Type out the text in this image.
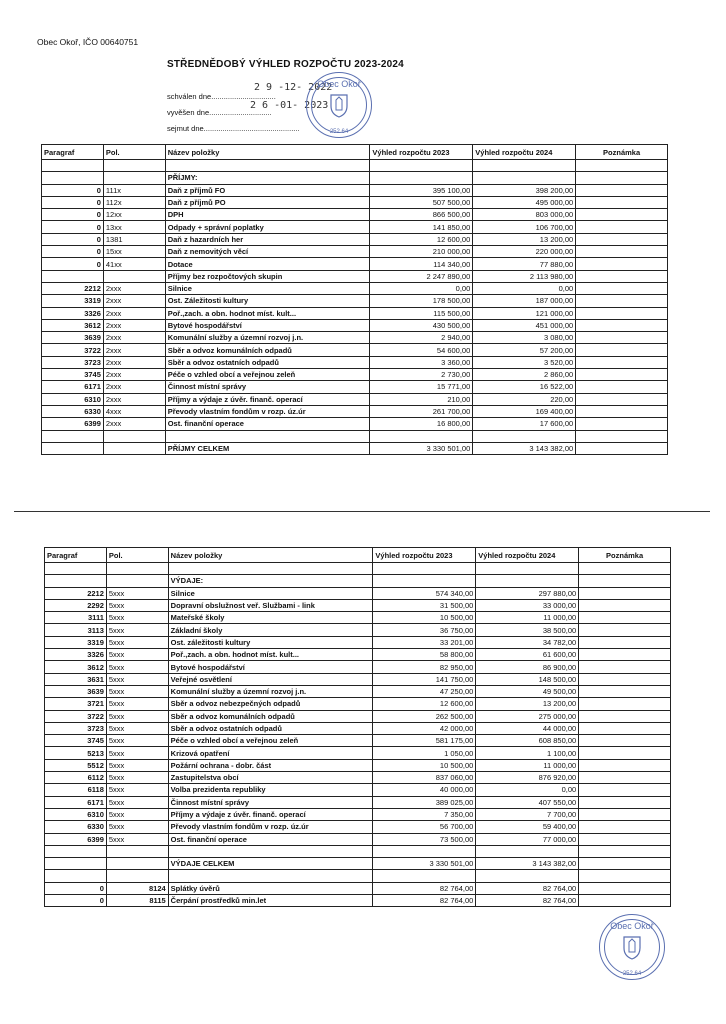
Obec Okoř, IČO 00640751
STŘEDNĚDOBÝ VÝHLED ROZPOČTU 2023-2024
schválen dne...............................
2 9 -12- 2022
vyvěšen dne..............................
2 6 -01- 2023
sejmut dne..............................................
Obec Okoř
252 64
Paragraf	Pol.	Název položky	Výhled rozpočtu 2023	Výhled rozpočtu 2024	Poznámka

		PŘÍJMY:			
0	111x	Daň z příjmů FO	395 100,00	398 200,00	
0	112x	Daň z příjmů PO	507 500,00	495 000,00	
0	12xx	DPH	866 500,00	803 000,00	
0	13xx	Odpady + správní poplatky	141 850,00	106 700,00	
0	1381	Daň z hazardních her	12 600,00	13 200,00	
0	15xx	Daň z nemovitých věcí	210 000,00	220 000,00	
0	41xx	Dotace	114 340,00	77 880,00	
		Příjmy bez rozpočtových skupin	2 247 890,00	2 113 980,00	
2212	2xxx	Silnice	0,00	0,00	
3319	2xxx	Ost. Záležitosti kultury	178 500,00	187 000,00	
3326	2xxx	Poř.,zach. a obn. hodnot míst. kult...	115 500,00	121 000,00	
3612	2xxx	Bytové hospodářství	430 500,00	451 000,00	
3639	2xxx	Komunální služby a územní rozvoj j.n.	2 940,00	3 080,00	
3722	2xxx	Sběr a odvoz komunálních odpadů	54 600,00	57 200,00	
3723	2xxx	Sběr a odvoz ostatních odpadů	3 360,00	3 520,00	
3745	2xxx	Péče o vzhled obcí a veřejnou zeleň	2 730,00	2 860,00	
6171	2xxx	Činnost místní správy	15 771,00	16 522,00	
6310	2xxx	Příjmy a výdaje z úvěr. finanč. operací	210,00	220,00	
6330	4xxx	Převody vlastním fondům v rozp. úz.úr	261 700,00	169 400,00	
6399	2xxx	Ost. finanční operace	16 800,00	17 600,00	

		PŘÍJMY CELKEM	3 330 501,00	3 143 382,00	
Paragraf	Pol.	Název položky	Výhled rozpočtu 2023	Výhled rozpočtu 2024	Poznámka

		VÝDAJE:			
2212	5xxx	Silnice	574 340,00	297 880,00	
2292	5xxx	Dopravní obslužnost veř. Službami - link	31 500,00	33 000,00	
3111	5xxx	Mateřské školy	10 500,00	11 000,00	
3113	5xxx	Základní školy	36 750,00	38 500,00	
3319	5xxx	Ost. záležitosti kultury	33 201,00	34 782,00	
3326	5xxx	Poř.,zach. a obn. hodnot míst. kult...	58 800,00	61 600,00	
3612	5xxx	Bytové hospodářství	82 950,00	86 900,00	
3631	5xxx	Veřejné osvětlení	141 750,00	148 500,00	
3639	5xxx	Komunální služby a územní rozvoj j.n.	47 250,00	49 500,00	
3721	5xxx	Sběr a odvoz nebezpečných odpadů	12 600,00	13 200,00	
3722	5xxx	Sběr a odvoz komunálních odpadů	262 500,00	275 000,00	
3723	5xxx	Sběr a odvoz ostatních odpadů	42 000,00	44 000,00	
3745	5xxx	Péče o vzhled obcí a veřejnou zeleň	581 175,00	608 850,00	
5213	5xxx	Krizová opatření	1 050,00	1 100,00	
5512	5xxx	Požární ochrana - dobr. část	10 500,00	11 000,00	
6112	5xxx	Zastupitelstva obcí	837 060,00	876 920,00	
6118	5xxx	Volba prezidenta republiky	40 000,00	0,00	
6171	5xxx	Činnost místní správy	389 025,00	407 550,00	
6310	5xxx	Příjmy a výdaje z úvěr. finanč. operací	7 350,00	7 700,00	
6330	5xxx	Převody vlastním fondům v rozp. úz.úr	56 700,00	59 400,00	
6399	5xxx	Ost. finanční operace	73 500,00	77 000,00	

		VÝDAJE CELKEM	3 330 501,00	3 143 382,00	

0	8124	Splátky úvěrů	82 764,00	82 764,00	
0	8115	Čerpání prostředků min.let	82 764,00	82 764,00	
Obec Okoř
252 64
